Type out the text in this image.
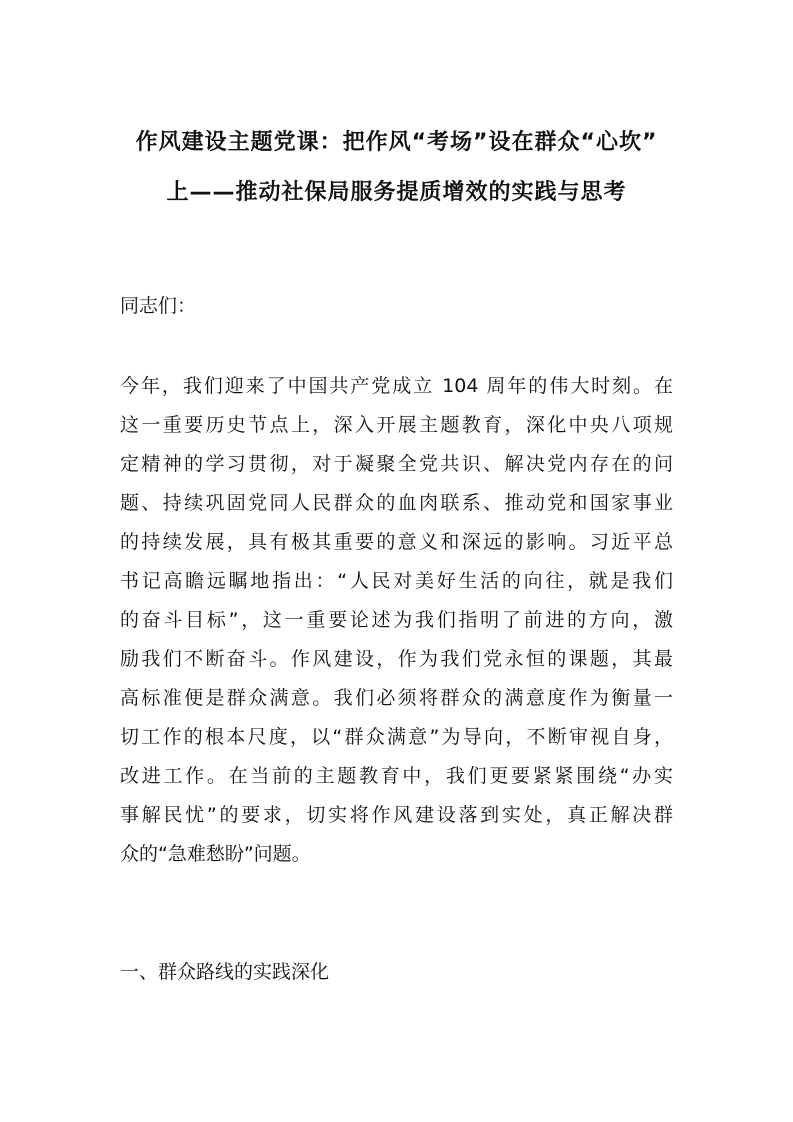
作风建设主题党课：把作风“考场”设在群众“心坎”
上——推动社保局服务提质增效的实践与思考
同志们：
今年，我们迎来了中国共产党成立 104 周年的伟大时刻。在
这一重要历史节点上，深入开展主题教育，深化中央八项规
定精神的学习贯彻，对于凝聚全党共识、解决党内存在的问
题、持续巩固党同人民群众的血肉联系、推动党和国家事业
的持续发展，具有极其重要的意义和深远的影响。习近平总
书记高瞻远瞩地指出：“人民对美好生活的向往，就是我们
的奋斗目标”，这一重要论述为我们指明了前进的方向，激
励我们不断奋斗。作风建设，作为我们党永恒的课题，其最
高标准便是群众满意。我们必须将群众的满意度作为衡量一
切工作的根本尺度，以“群众满意”为导向，不断审视自身，
改进工作。在当前的主题教育中，我们更要紧紧围绕“办实
事解民忧”的要求，切实将作风建设落到实处，真正解决群
众的“急难愁盼”问题。
一、群众路线的实践深化
